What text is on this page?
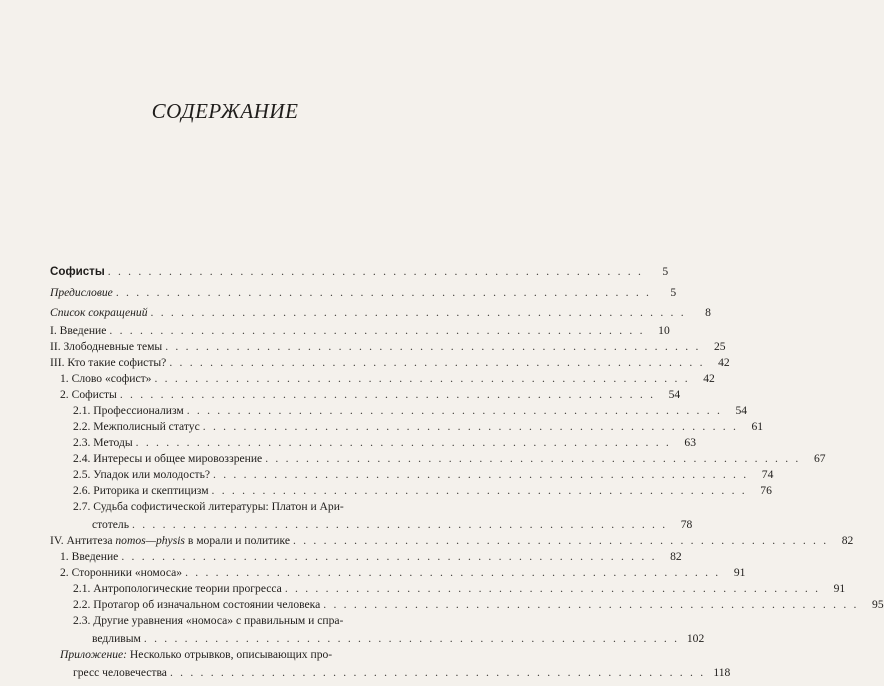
СОДЕРЖАНИЕ
Софисты . . . . . . . . . . . . . . . . . . . . . . . . . . . . . . . . . . . . . . . . . . . . . . . . . . . . .	5
Предисловие . . . . . . . . . . . . . . . . . . . . . . . . . . . . . . . . . . . . . . . . . . . . . . . . . . . . .	5
Список сокращений . . . . . . . . . . . . . . . . . . . . . . . . . . . . . . . . . . . . . . . . . . . . . . . . . . . . .	8
I. Введение . . . . . . . . . . . . . . . . . . . . . . . . . . . . . . . . . . . . . . . . . . . . . . . . . . . . .	10
II. Злободневные темы . . . . . . . . . . . . . . . . . . . . . . . . . . . . . . . . . . . . . . . . . . . . . . . . . . . . .	25
III. Кто такие софисты? . . . . . . . . . . . . . . . . . . . . . . . . . . . . . . . . . . . . . . . . . . . . . . . . . . . . .	42
1. Слово «софист» . . . . . . . . . . . . . . . . . . . . . . . . . . . . . . . . . . . . . . . . . . . . . . . . . . . . .	42
2. Софисты . . . . . . . . . . . . . . . . . . . . . . . . . . . . . . . . . . . . . . . . . . . . . . . . . . . . .	54
2.1. Профессионализм . . . . . . . . . . . . . . . . . . . . . . . . . . . . . . . . . . . . . . . . . . . . . . . . . . . . .	54
2.2. Межполисный статус . . . . . . . . . . . . . . . . . . . . . . . . . . . . . . . . . . . . . . . . . . . . . . . . . . . . .	61
2.3. Методы . . . . . . . . . . . . . . . . . . . . . . . . . . . . . . . . . . . . . . . . . . . . . . . . . . . . .	63
2.4. Интересы и общее мировоззрение . . . . . . . . . . . . . . . . . . . . . . . . . . . . . . . . . . . . . . . . . . . . . . . . . . . . .	67
2.5. Упадок или молодость? . . . . . . . . . . . . . . . . . . . . . . . . . . . . . . . . . . . . . . . . . . . . . . . . . . . . .	74
2.6. Риторика и скептицизм . . . . . . . . . . . . . . . . . . . . . . . . . . . . . . . . . . . . . . . . . . . . . . . . . . . . .	76
2.7. Судьба софистической литературы: Платон и Ари-
стотель . . . . . . . . . . . . . . . . . . . . . . . . . . . . . . . . . . . . . . . . . . . . . . . . . . . . .	78
IV. Антитеза nomos—physis в морали и политике . . . . . . . . . . . . . . . . . . . . . . . . . . . . . . . . . . . . . . . . . . . . . . . . . . . . .	82
1. Введение . . . . . . . . . . . . . . . . . . . . . . . . . . . . . . . . . . . . . . . . . . . . . . . . . . . . .	82
2. Сторонники «номоса» . . . . . . . . . . . . . . . . . . . . . . . . . . . . . . . . . . . . . . . . . . . . . . . . . . . . .	91
2.1. Антропологические теории прогресса . . . . . . . . . . . . . . . . . . . . . . . . . . . . . . . . . . . . . . . . . . . . . . . . . . . . .	91
2.2. Протагор об изначальном состоянии человека . . . . . . . . . . . . . . . . . . . . . . . . . . . . . . . . . . . . . . . . . . . . . . . . . . . . .	95
2.3. Другие уравнения «номоса» с правильным и спра-
ведливым . . . . . . . . . . . . . . . . . . . . . . . . . . . . . . . . . . . . . . . . . . . . . . . . . . . . . 102
Приложение: Несколько отрывков, описывающих про-
гресс человечества . . . . . . . . . . . . . . . . . . . . . . . . . . . . . . . . . . . . . . . . . . . . . . . . . . . . . 118
